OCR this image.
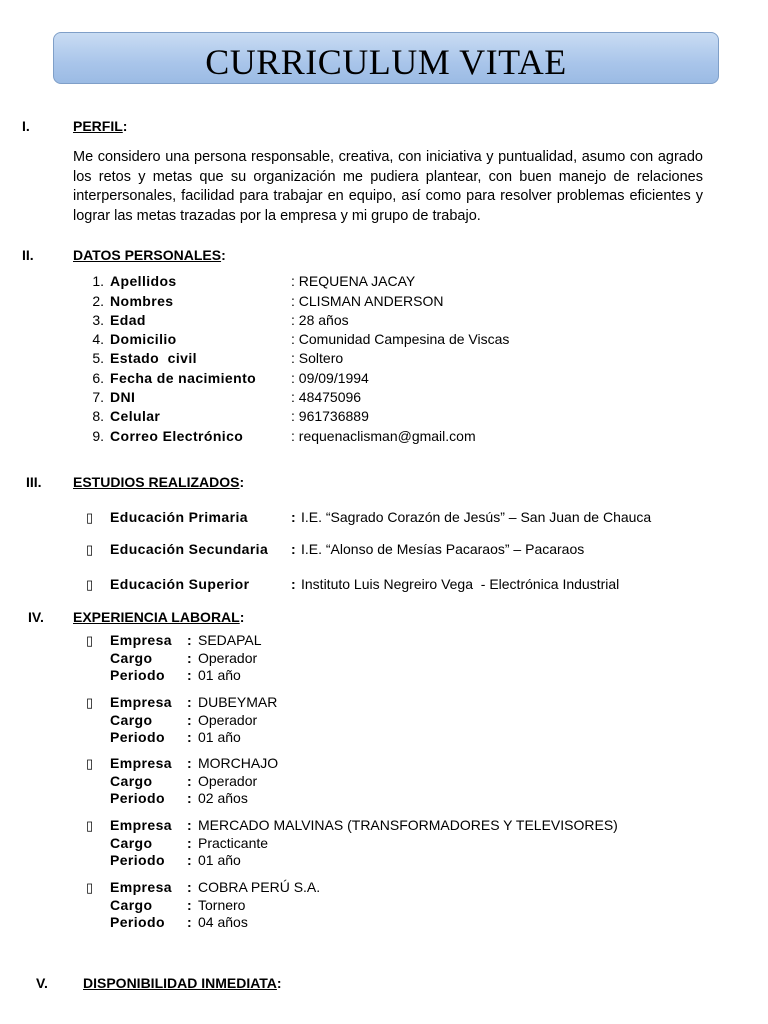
CURRICULUM VITAE
I.	PERFIL:
Me considero una persona responsable, creativa, con iniciativa y puntualidad, asumo con agrado los retos y metas que su organización me pudiera plantear, con buen manejo de relaciones interpersonales, facilidad para trabajar en equipo, así como para resolver problemas eficientes y lograr las metas trazadas por la empresa y mi grupo de trabajo.
II.	DATOS PERSONALES:
1. Apellidos	: REQUENA JACAY
2. Nombres	: CLISMAN ANDERSON
3. Edad	: 28 años
4. Domicilio	: Comunidad Campesina de Viscas
5. Estado  civil	: Soltero
6. Fecha de nacimiento : 09/09/1994
7. DNI	: 48475096
8. Celular	: 961736889
9. Correo Electrónico	: requenaclisman@gmail.com
III. ESTUDIOS REALIZADOS:
▯ Educación Primaria	: I.E. “Sagrado Corazón de Jesús” – San Juan de Chauca
▯ Educación Secundaria : I.E. “Alonso de Mesías Pacaraos” – Pacaraos
▯ Educación Superior	: Instituto Luis Negreiro Vega  - Electrónica Industrial
IV. EXPERIENCIA LABORAL:
▯ Empresa : SEDAPAL
Cargo : Operador
Periodo : 01 año
▯ Empresa : DUBEYMAR
Cargo : Operador
Periodo : 01 año
▯ Empresa : MORCHAJO
Cargo : Operador
Periodo : 02 años
▯ Empresa : MERCADO MALVINAS (TRANSFORMADORES Y TELEVISORES)
Cargo : Practicante
Periodo : 01 año
▯ Empresa : COBRA PERÚ S.A.
Cargo : Tornero
Periodo : 04 años
V.	DISPONIBILIDAD INMEDIATA:
